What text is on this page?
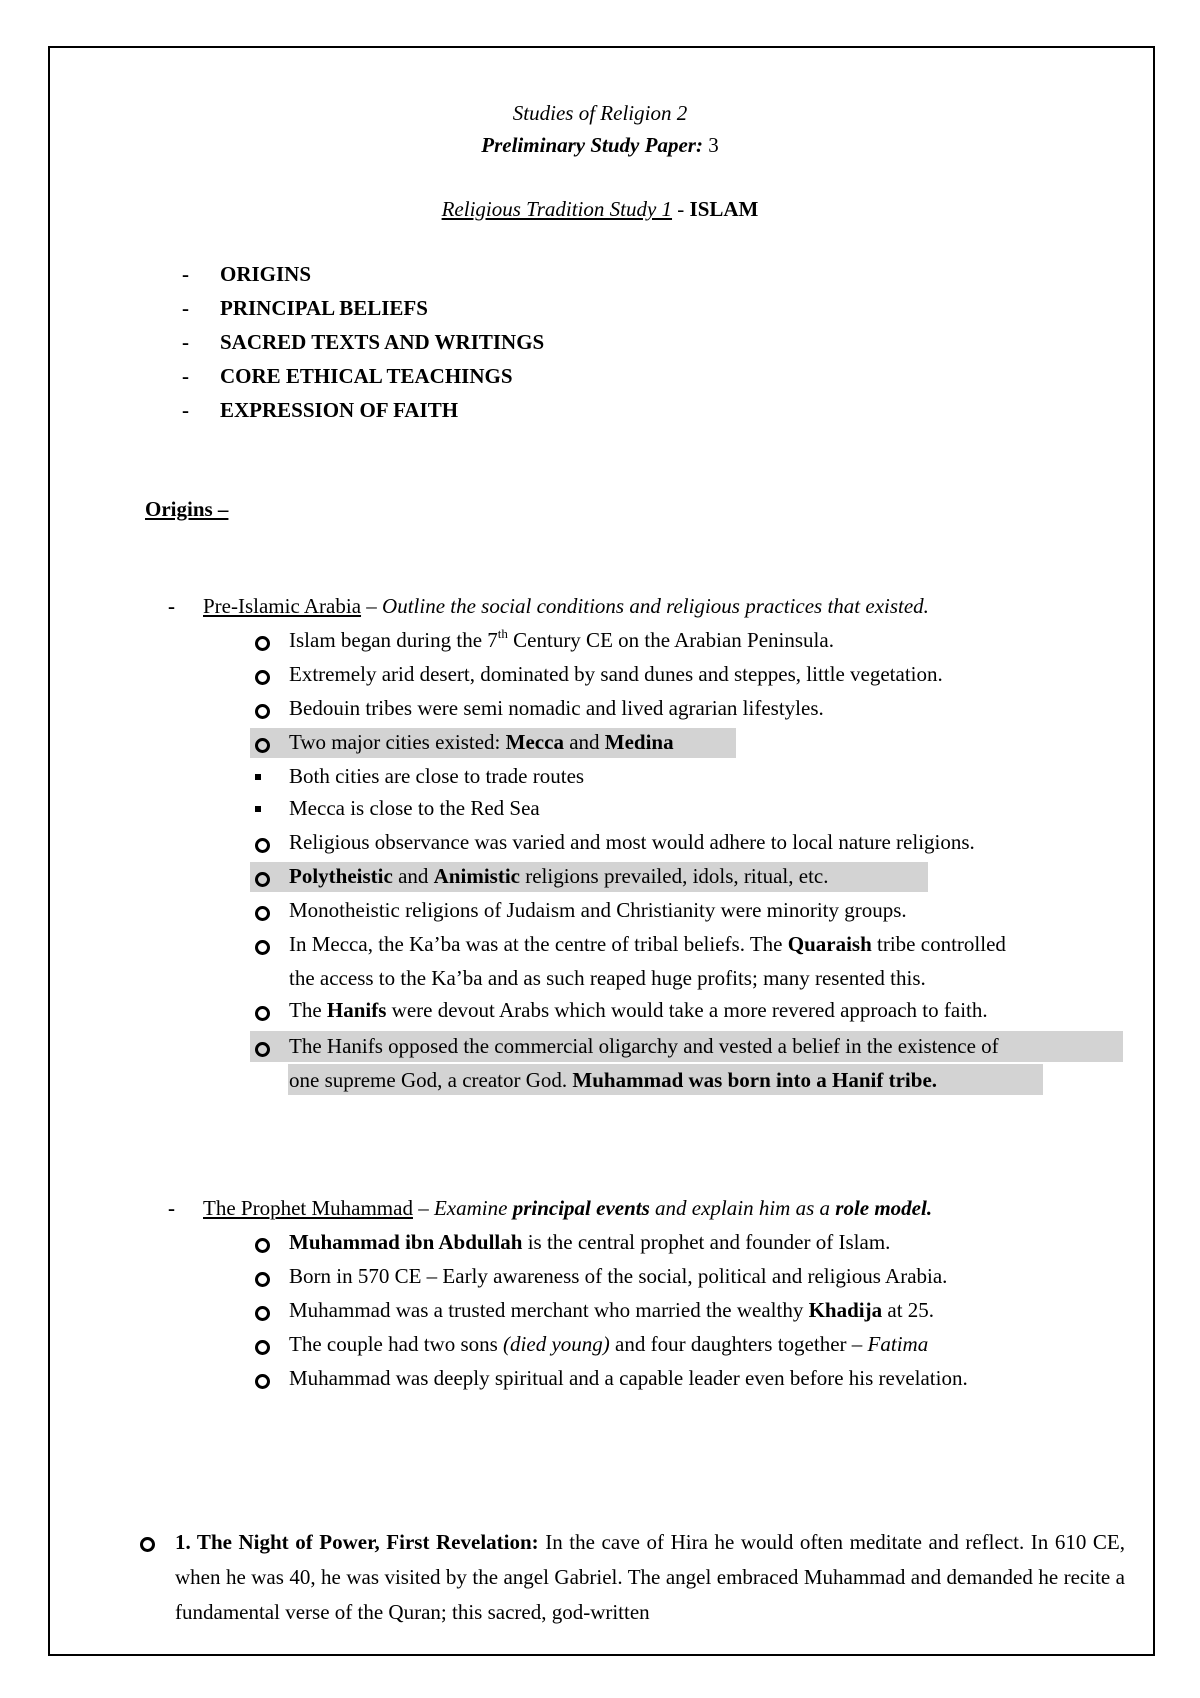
Studies of Religion 2
Preliminary Study Paper: 3
Religious Tradition Study 1 - ISLAM
- ORIGINS
- PRINCIPAL BELIEFS
- SACRED TEXTS AND WRITINGS
- CORE ETHICAL TEACHINGS
- EXPRESSION OF FAITH
Origins –
- Pre-Islamic Arabia – Outline the social conditions and religious practices that existed.
Islam began during the 7th Century CE on the Arabian Peninsula.
Extremely arid desert, dominated by sand dunes and steppes, little vegetation.
Bedouin tribes were semi nomadic and lived agrarian lifestyles.
Two major cities existed: Mecca and Medina
Both cities are close to trade routes
Mecca is close to the Red Sea
Religious observance was varied and most would adhere to local nature religions.
Polytheistic and Animistic religions prevailed, idols, ritual, etc.
Monotheistic religions of Judaism and Christianity were minority groups.
In Mecca, the Ka’ba was at the centre of tribal beliefs. The Quaraish tribe controlled
the access to the Ka’ba and as such reaped huge profits; many resented this.
The Hanifs were devout Arabs which would take a more revered approach to faith.
The Hanifs opposed the commercial oligarchy and vested a belief in the existence of
one supreme God, a creator God. Muhammad was born into a Hanif tribe.
- The Prophet Muhammad – Examine principal events and explain him as a role model.
Muhammad ibn Abdullah is the central prophet and founder of Islam.
Born in 570 CE – Early awareness of the social, political and religious Arabia.
Muhammad was a trusted merchant who married the wealthy Khadija at 25.
The couple had two sons (died young) and four daughters together – Fatima
Muhammad was deeply spiritual and a capable leader even before his revelation.
1. The Night of Power, First Revelation: In the cave of Hira he would often meditate and reflect. In 610 CE, when he was 40, he was visited by the angel Gabriel. The angel embraced Muhammad and demanded he recite a fundamental verse of the Quran; this sacred, god-written
